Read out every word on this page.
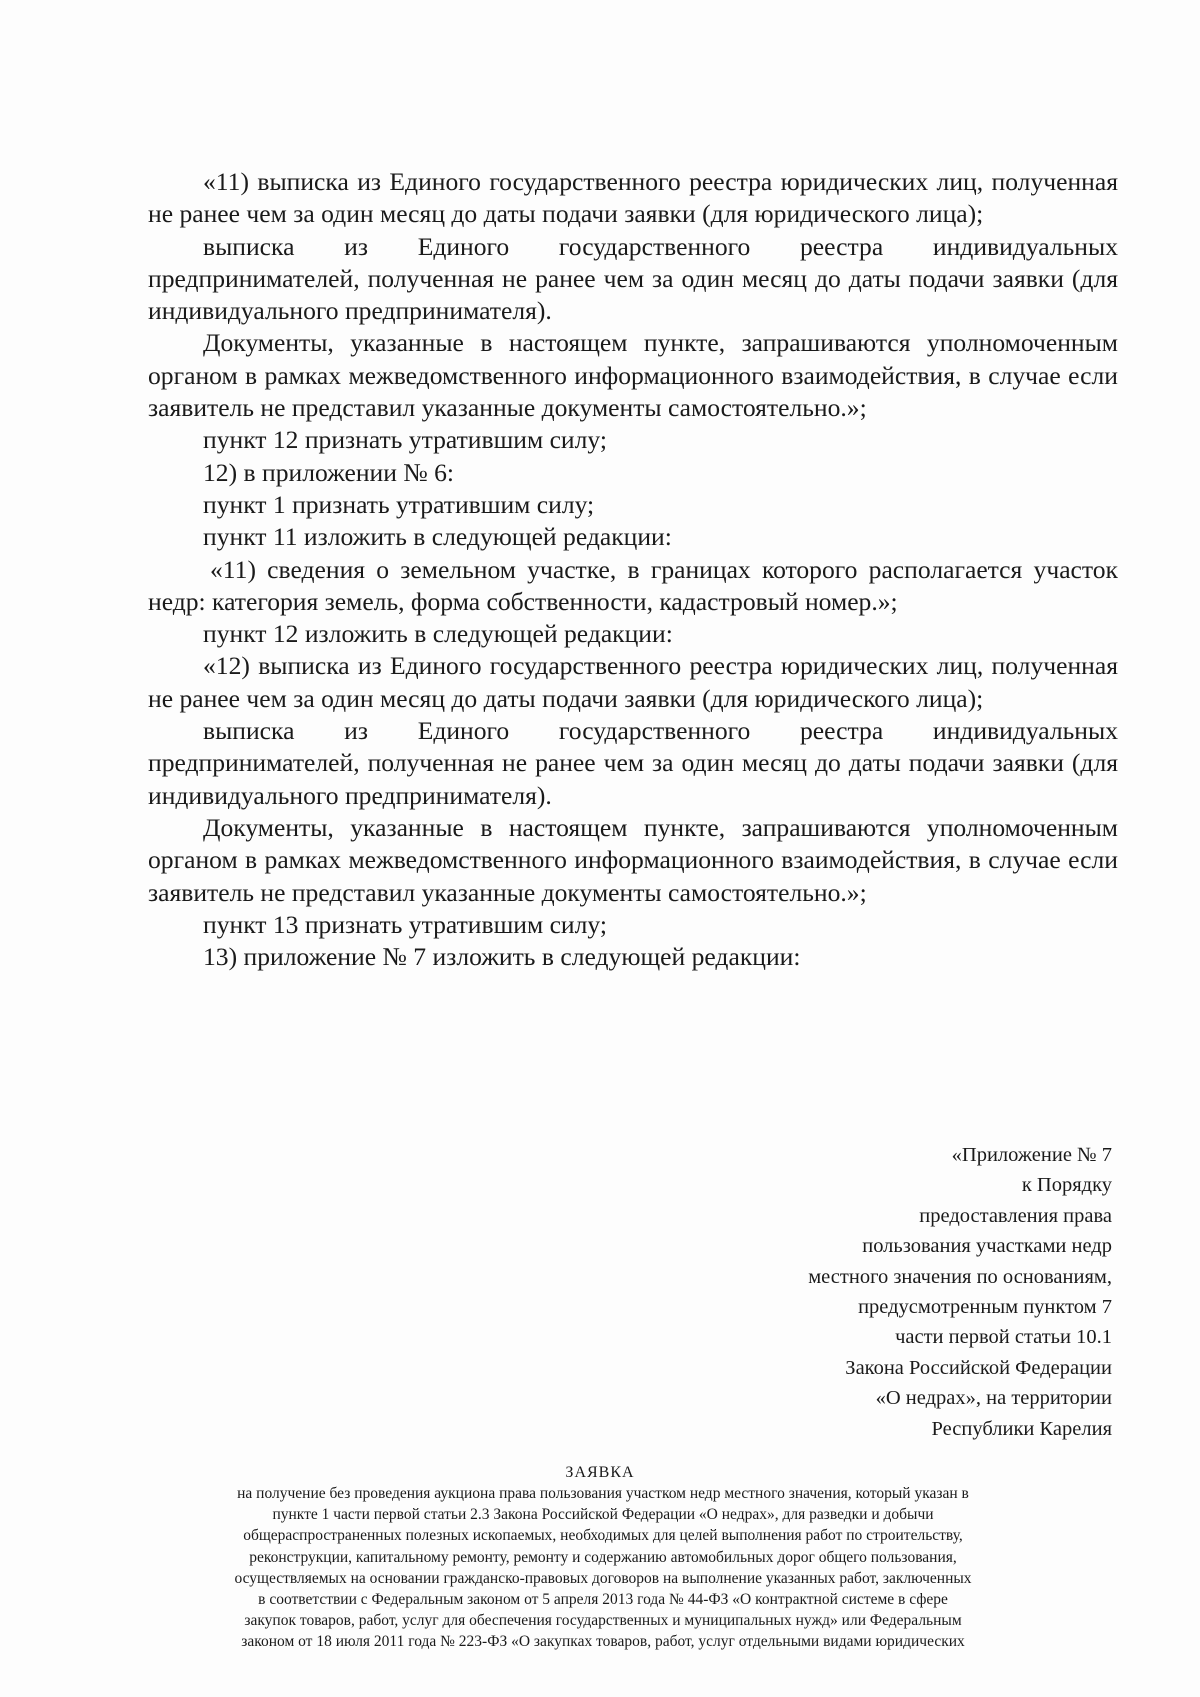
«11) выписка из Единого государственного реестра юридических лиц, полученная не ранее чем за один месяц до даты подачи заявки (для юридического лица);

выписка из Единого государственного реестра индивидуальных предпринимателей, полученная не ранее чем за один месяц до даты подачи заявки (для индивидуального предпринимателя).

Документы, указанные в настоящем пункте, запрашиваются уполномоченным органом в рамках межведомственного информационного взаимодействия, в случае если заявитель не представил указанные документы самостоятельно.»;

пункт 12 признать утратившим силу;

12) в приложении № 6:

пункт 1 признать утратившим силу;

пункт 11 изложить в следующей редакции:

«11) сведения о земельном участке, в границах которого располагается участок недр: категория земель, форма собственности, кадастровый номер.»;

пункт 12 изложить в следующей редакции:

«12) выписка из Единого государственного реестра юридических лиц, полученная не ранее чем за один месяц до даты подачи заявки (для юридического лица);

выписка из Единого государственного реестра индивидуальных предпринимателей, полученная не ранее чем за один месяц до даты подачи заявки (для индивидуального предпринимателя).

Документы, указанные в настоящем пункте, запрашиваются уполномоченным органом в рамках межведомственного информационного взаимодействия, в случае если заявитель не представил указанные документы самостоятельно.»;

пункт 13 признать утратившим силу;

13) приложение № 7 изложить в следующей редакции:

«Приложение № 7
к Порядку
предоставления права
пользования участками недр
местного значения по основаниям,
предусмотренным пунктом 7
части первой статьи 10.1
Закона Российской Федерации
«О недрах», на территории
Республики Карелия
ЗАЯВКА
на получение без проведения аукциона права пользования участком недр местного значения, который указан в
пункте 1 части первой статьи 2.3 Закона Российской Федерации «О недрах», для разведки и добычи
общераспространенных полезных ископаемых, необходимых для целей выполнения работ по строительству,
реконструкции, капитальному ремонту, ремонту и содержанию автомобильных дорог общего пользования,
осуществляемых на основании гражданско-правовых договоров на выполнение указанных работ, заключенных
в соответствии с Федеральным законом от 5 апреля 2013 года № 44-ФЗ «О контрактной системе в сфере
закупок товаров, работ, услуг для обеспечения государственных и муниципальных нужд» или Федеральным
законом от 18 июля 2011 года № 223-ФЗ «О закупках товаров, работ, услуг отдельными видами юридических
